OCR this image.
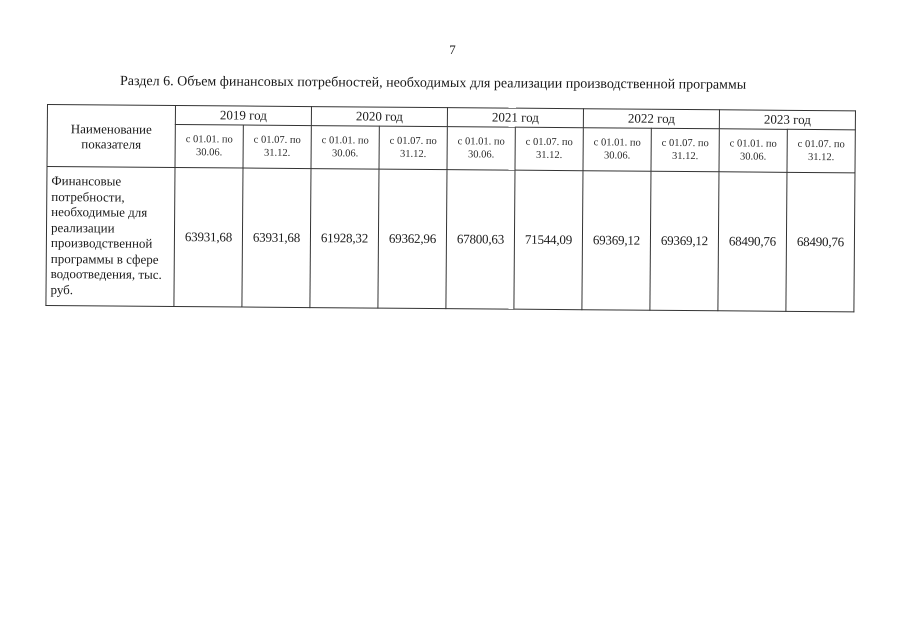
7
Раздел 6. Объем финансовых потребностей, необходимых для реализации производственной программы
Наименование показателя	2019 год		2020 год		2021 год		2022 год		2023 год	
	с 01.01. по 30.06.	с 01.07. по 31.12.	с 01.01. по 30.06.	с 01.07. по 31.12.	с 01.01. по 30.06.	с 01.07. по 31.12.	с 01.01. по 30.06.	с 01.07. по 31.12.	с 01.01. по 30.06.	с 01.07. по 31.12.
Финансовые потребности, необходимые для реализации производственной программы в сфере водоотведения, тыс. руб.	63931,68	63931,68	61928,32	69362,96	67800,63	71544,09	69369,12	69369,12	68490,76	68490,76
